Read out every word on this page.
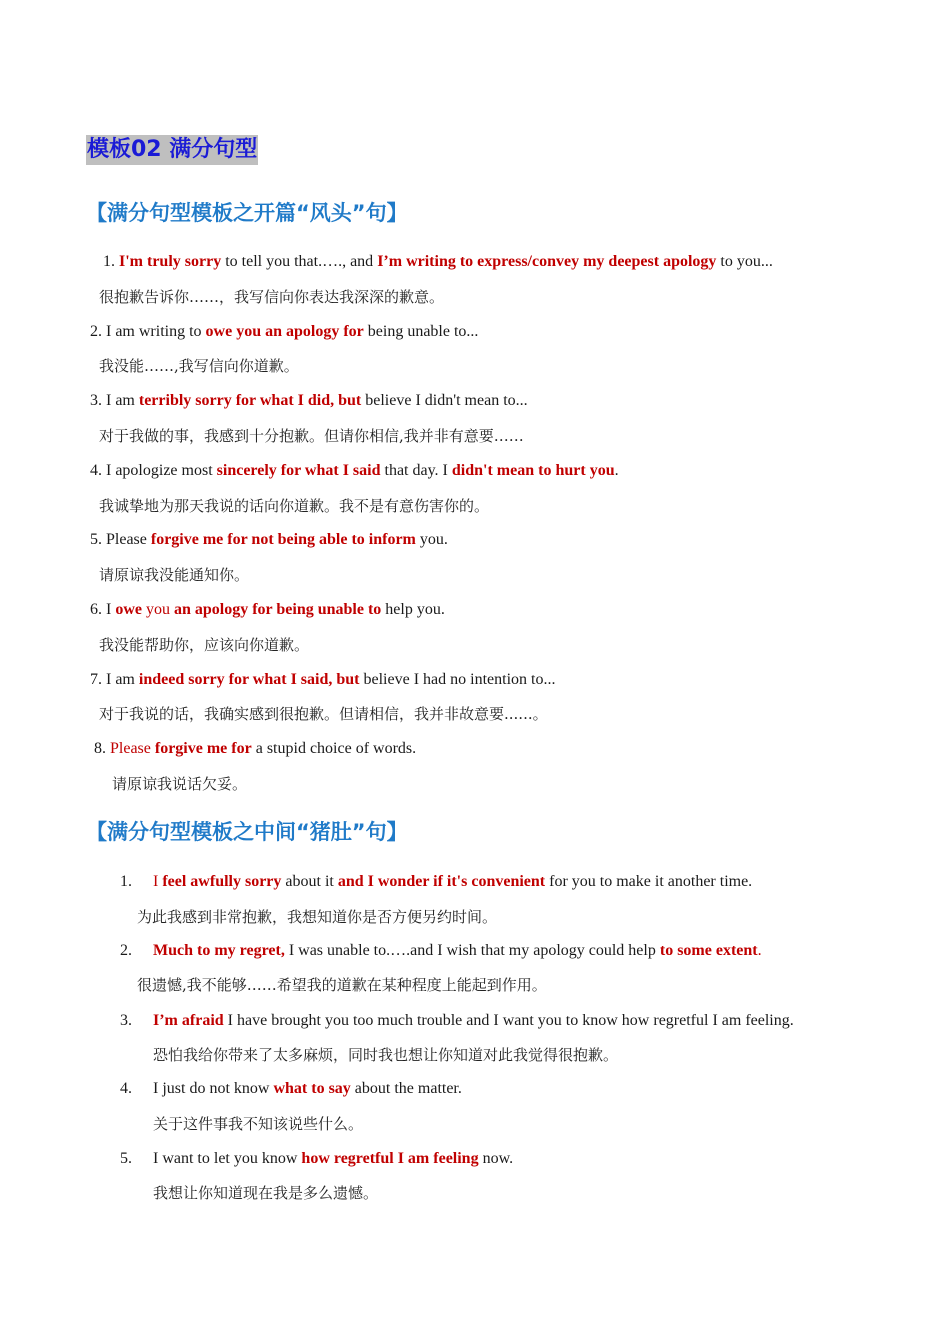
模板02 满分句型
【满分句型模板之开篇“风头”句】
1. I'm truly sorry to tell you that.…., and I’m writing to express/convey my deepest apology to you...
很抱歉告诉你……，我写信向你表达我深深的歉意。
2. I am writing to owe you an apology for being unable to...
我没能……,我写信向你道歉。
3. I am terribly sorry for what I did, but believe I didn't mean to...
对于我做的事，我感到十分抱歉。但请你相信,我并非有意要……
4. I apologize most sincerely for what I said that day. I didn't mean to hurt you.
我诚挚地为那天我说的话向你道歉。我不是有意伤害你的。
5. Please forgive me for not being able to inform you.
请原谅我没能通知你。
6. I owe you an apology for being unable to help you.
我没能帮助你，应该向你道歉。
7. I am indeed sorry for what I said, but believe I had no intention to...
对于我说的话，我确实感到很抱歉。但请相信，我并非故意要......。
8. Please forgive me for a stupid choice of words.
请原谅我说话欠妥。
【满分句型模板之中间“猪肚”句】
1. I feel awfully sorry about it and I wonder if it's convenient for you to make it another time.
为此我感到非常抱歉，我想知道你是否方便另约时间。
2. Much to my regret, I was unable to.….and I wish that my apology could help to some extent.
很遗憾,我不能够……希望我的道歉在某种程度上能起到作用。
3. I’m afraid I have brought you too much trouble and I want you to know how regretful I am feeling.
恐怕我给你带来了太多麻烦，同时我也想让你知道对此我觉得很抱歉。
4. I just do not know what to say about the matter.
关于这件事我不知该说些什么。
5. I want to let you know how regretful I am feeling now.
我想让你知道现在我是多么遗憾。
